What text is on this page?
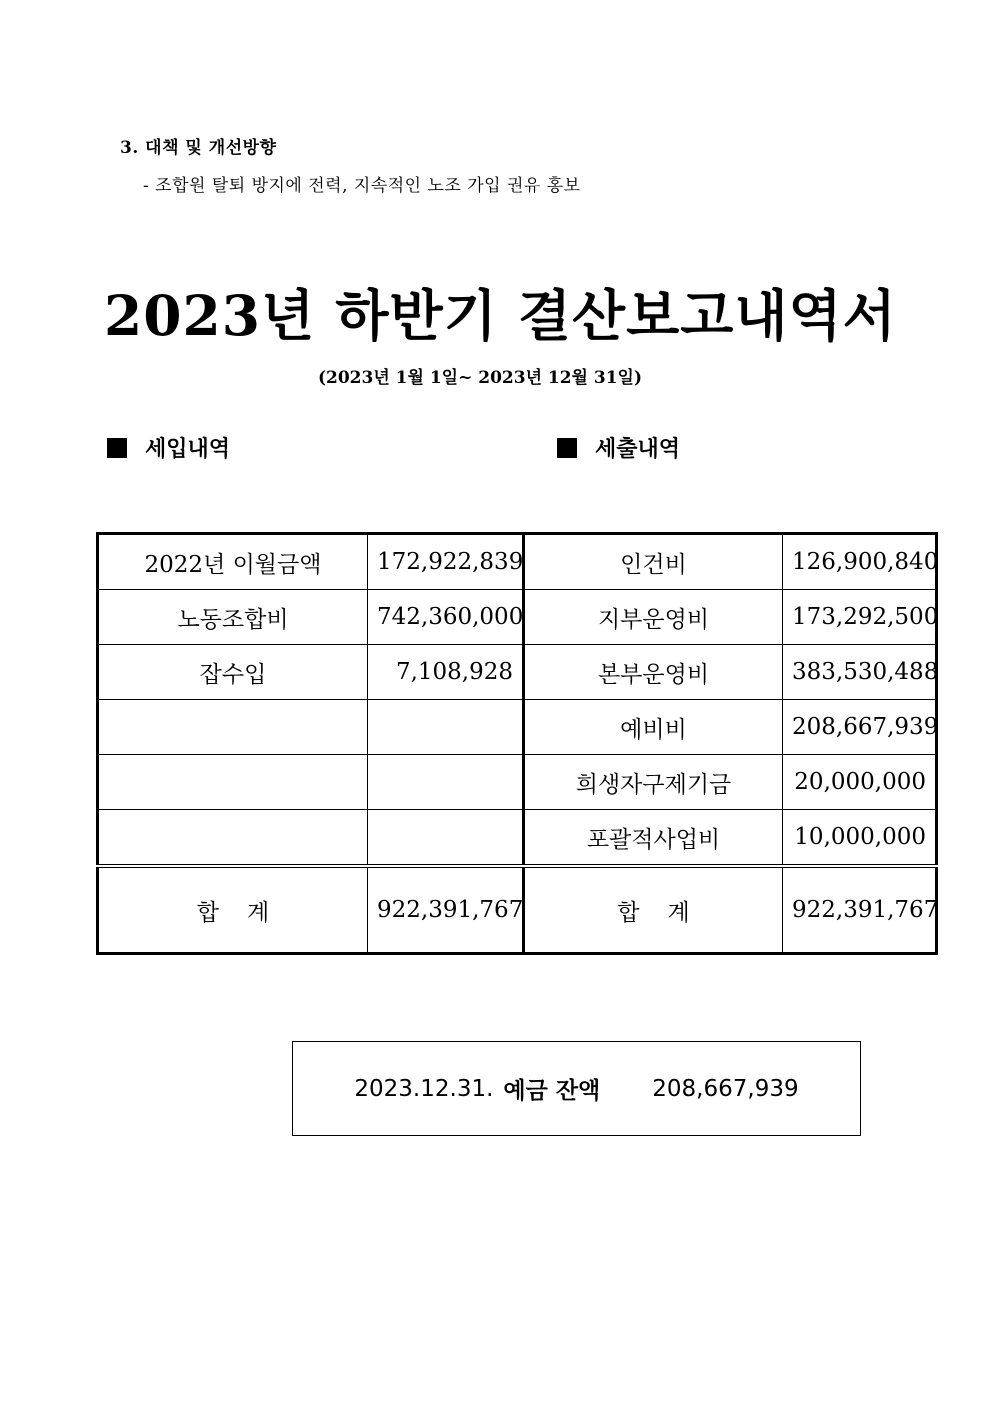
3. 대책 및 개선방향
- 조합원 탈퇴 방지에 전력, 지속적인 노조 가입 권유 홍보
2023년 하반기 결산보고내역서
(2023년 1월 1일~ 2023년 12월 31일)
세입내역	세출내역
2022년 이월금액	172,922,839	인건비	126,900,840
노동조합비	742,360,000	지부운영비	173,292,500
잡수입	7,108,928	본부운영비	383,530,488
		예비비	208,667,939
		희생자구제기금	20,000,000
		포괄적사업비	10,000,000
합계	922,391,767	합계	922,391,767
2023.12.31. 예금 잔액 208,667,939
